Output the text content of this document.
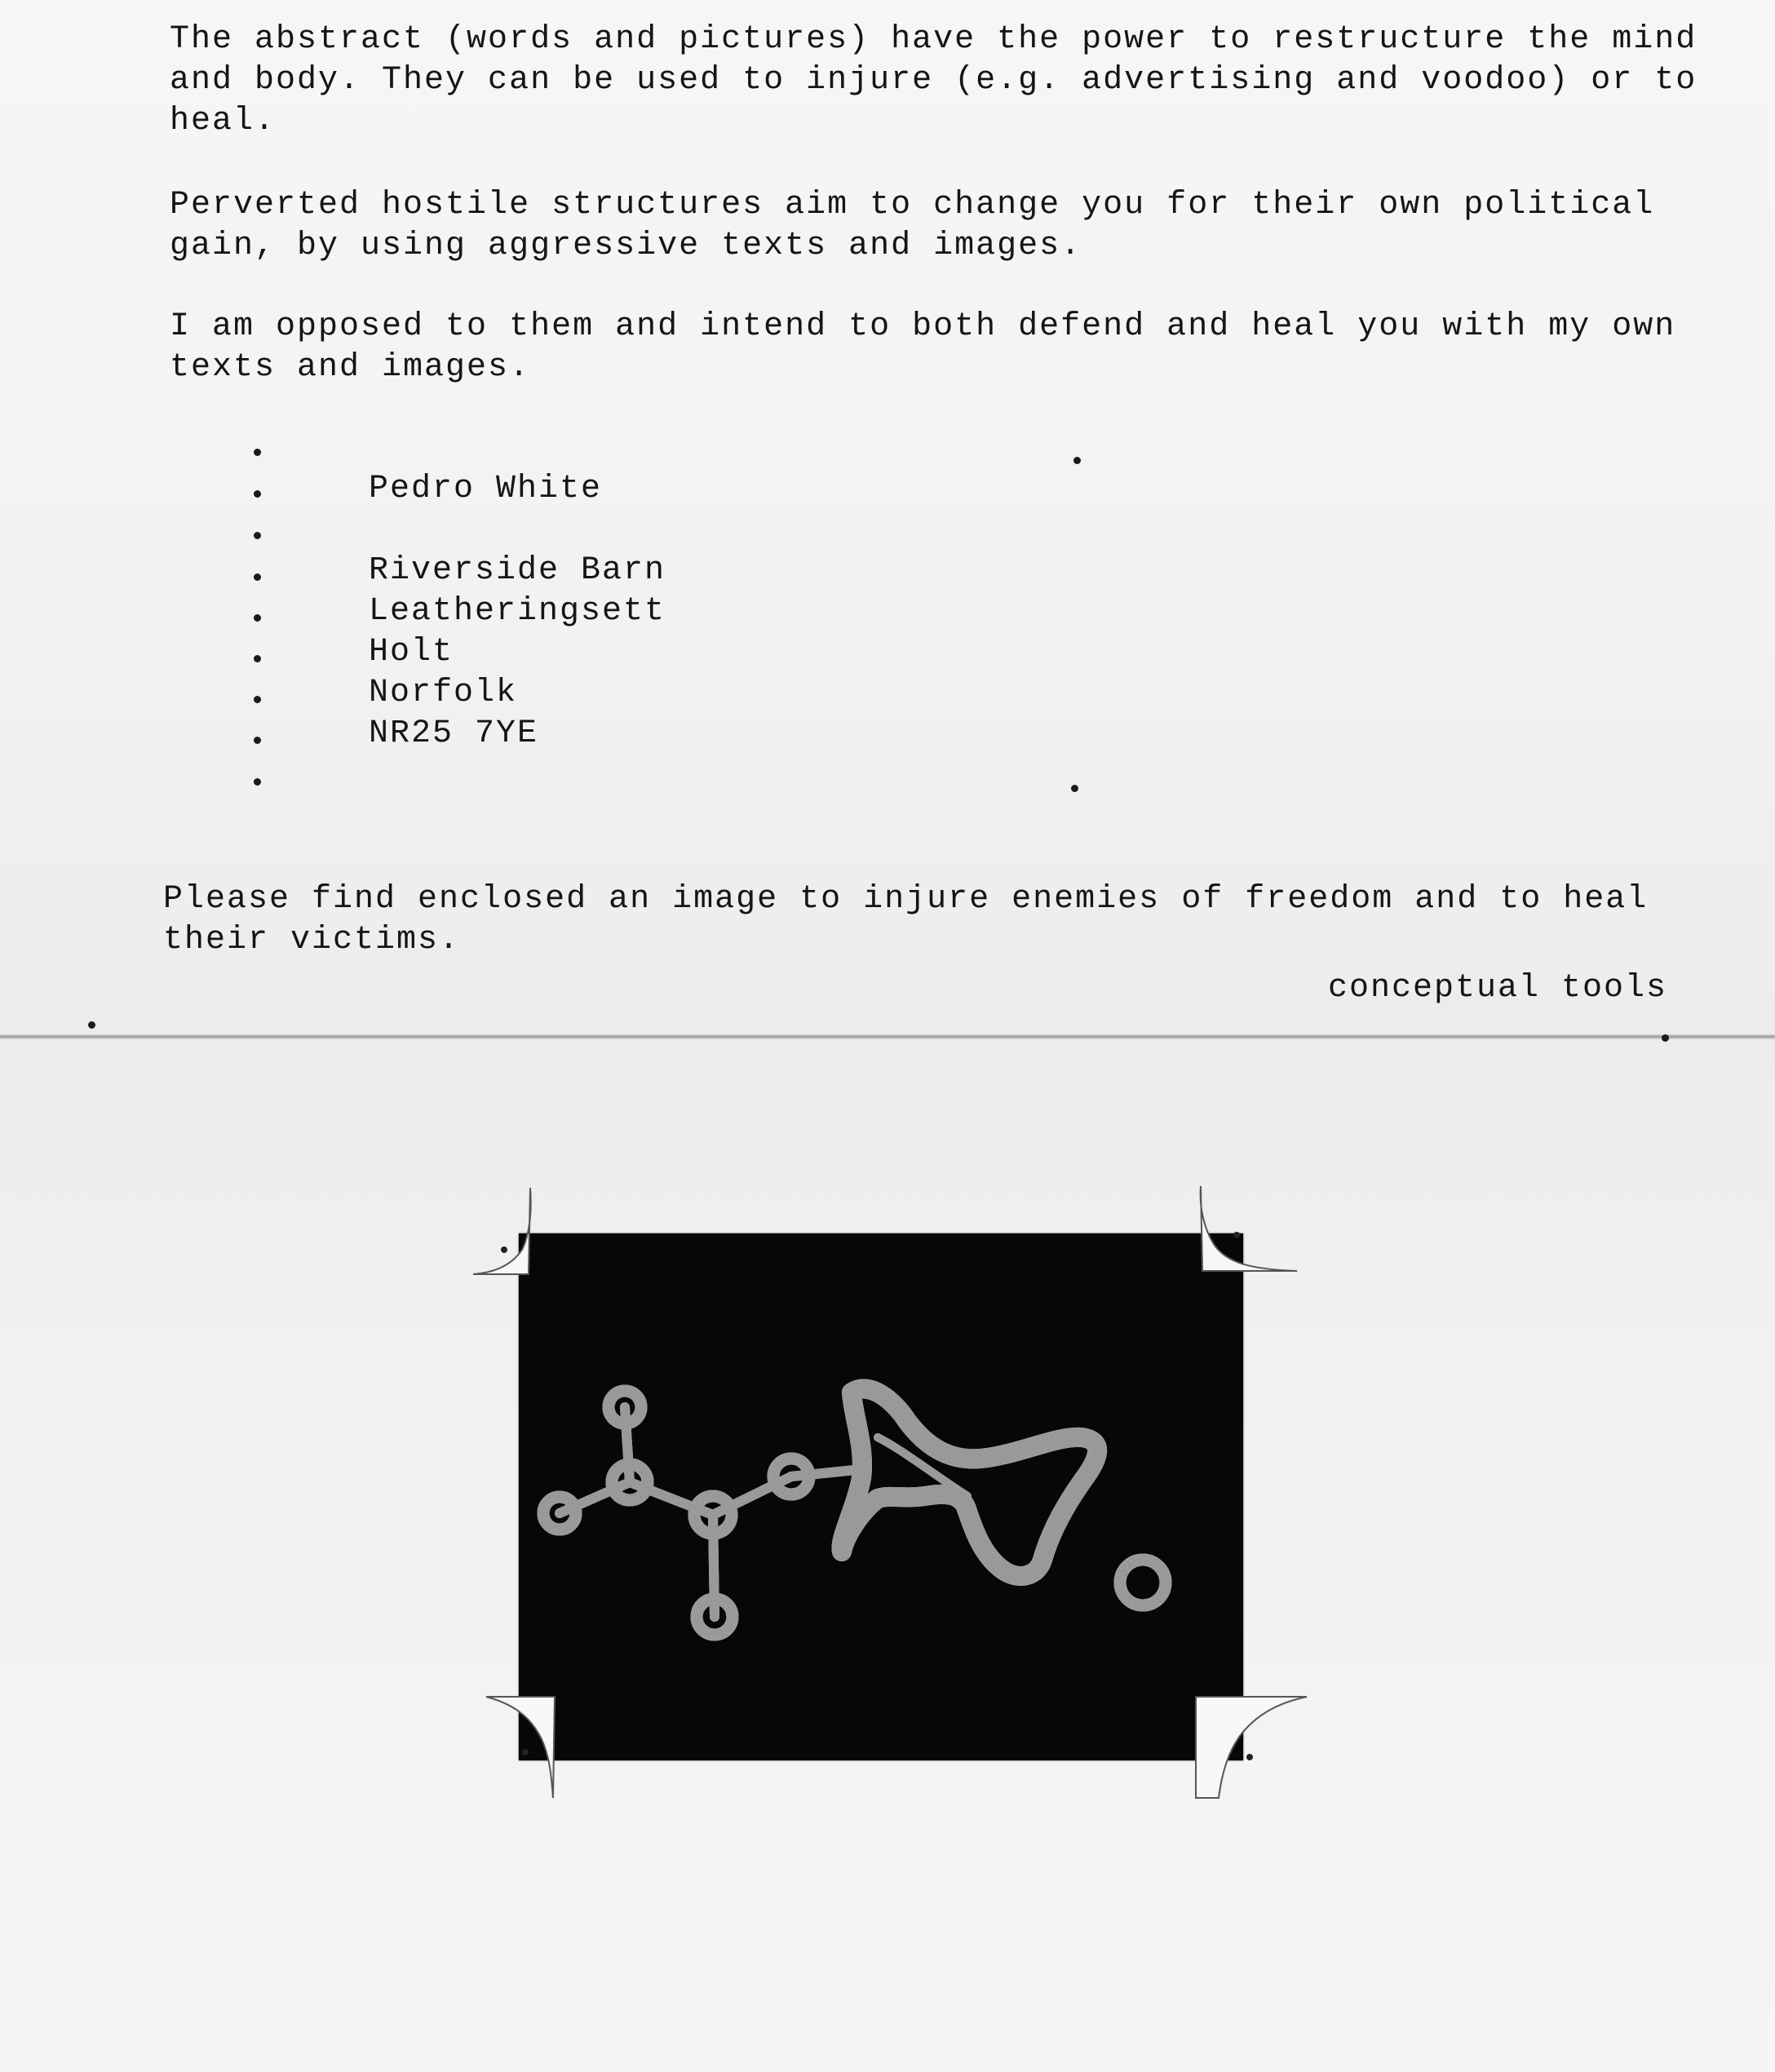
The abstract (words and pictures) have the power to restructure the mind
and body. They can be used to injure (e.g. advertising and voodoo) or to
heal.
Perverted hostile structures aim to change you for their own political
gain, by using aggressive texts and images.
I am opposed to them and intend to both defend and heal you with my own
texts and images.
Pedro White
Riverside Barn
Leatheringsett
Holt
Norfolk
NR25 7YE
Please find enclosed an image to injure enemies of freedom and to heal
their victims.
conceptual tools
